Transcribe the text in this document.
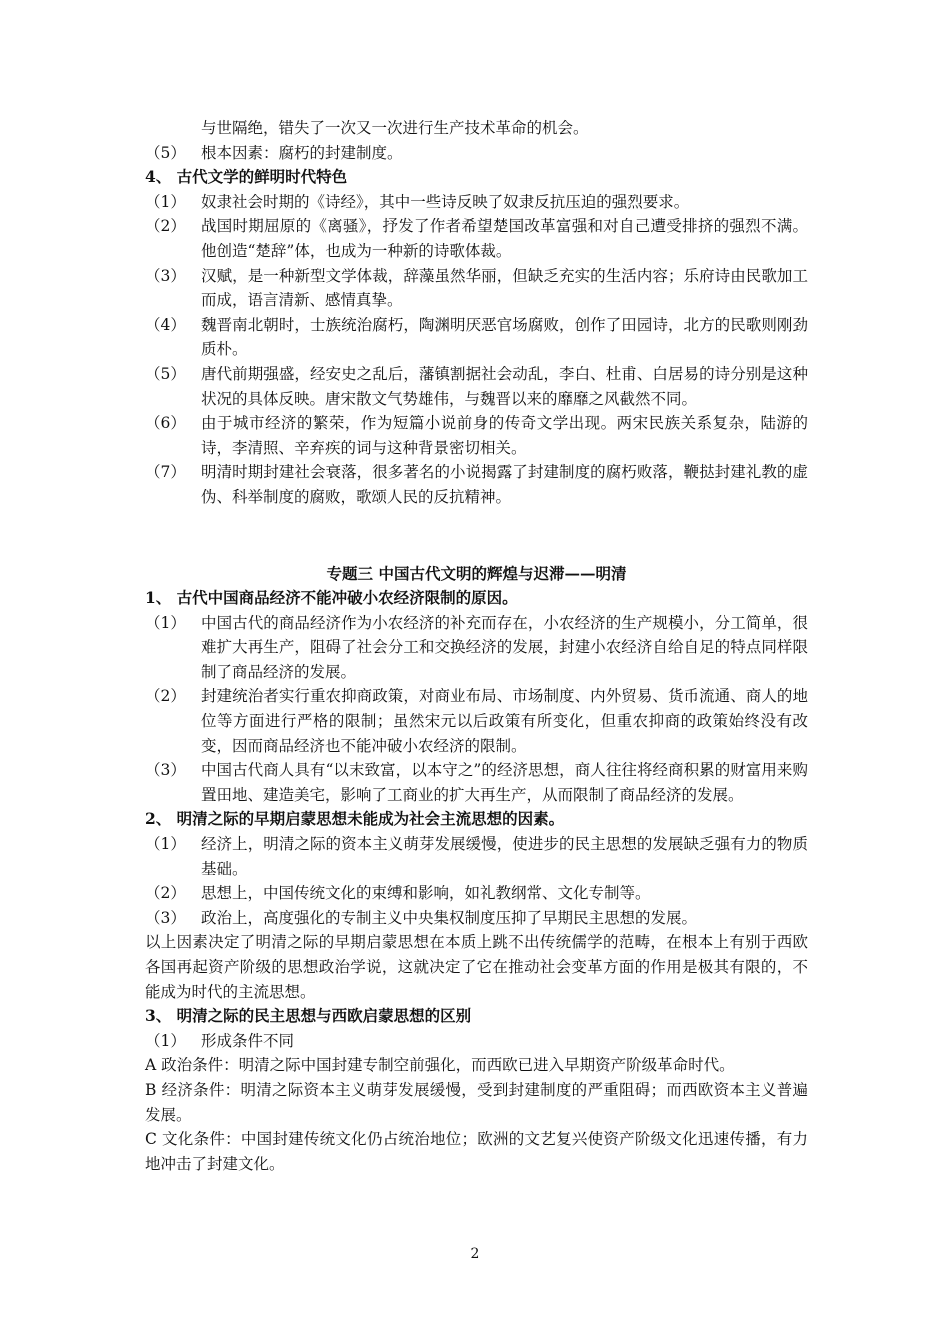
与世隔绝，错失了一次又一次进行生产技术革命的机会。
（5） 根本因素：腐朽的封建制度。
4、 古代文学的鲜明时代特色
（1） 奴隶社会时期的《诗经》，其中一些诗反映了奴隶反抗压迫的强烈要求。
（2） 战国时期屈原的《离骚》，抒发了作者希望楚国改革富强和对自己遭受排挤的强烈不满。他创造“楚辞”体，也成为一种新的诗歌体裁。
（3） 汉赋，是一种新型文学体裁，辞藻虽然华丽，但缺乏充实的生活内容；乐府诗由民歌加工而成，语言清新、感情真挚。
（4） 魏晋南北朝时，士族统治腐朽，陶渊明厌恶官场腐败，创作了田园诗，北方的民歌则刚劲质朴。
（5） 唐代前期强盛，经安史之乱后，藩镇割据社会动乱，李白、杜甫、白居易的诗分别是这种状况的具体反映。唐宋散文气势雄伟，与魏晋以来的靡靡之风截然不同。
（6） 由于城市经济的繁荣，作为短篇小说前身的传奇文学出现。两宋民族关系复杂，陆游的诗，李清照、辛弃疾的词与这种背景密切相关。
（7） 明清时期封建社会衰落，很多著名的小说揭露了封建制度的腐朽败落，鞭挞封建礼教的虚伪、科举制度的腐败，歌颂人民的反抗精神。
专题三 中国古代文明的辉煌与迟滞——明清
1、 古代中国商品经济不能冲破小农经济限制的原因。
（1） 中国古代的商品经济作为小农经济的补充而存在，小农经济的生产规模小，分工简单，很难扩大再生产，阻碍了社会分工和交换经济的发展，封建小农经济自给自足的特点同样限制了商品经济的发展。
（2） 封建统治者实行重农抑商政策，对商业布局、市场制度、内外贸易、货币流通、商人的地位等方面进行严格的限制；虽然宋元以后政策有所变化，但重农抑商的政策始终没有改变，因而商品经济也不能冲破小农经济的限制。
（3） 中国古代商人具有“以末致富，以本守之”的经济思想，商人往往将经商积累的财富用来购置田地、建造美宅，影响了工商业的扩大再生产，从而限制了商品经济的发展。
2、 明清之际的早期启蒙思想未能成为社会主流思想的因素。
（1） 经济上，明清之际的资本主义萌芽发展缓慢，使进步的民主思想的发展缺乏强有力的物质基础。
（2） 思想上，中国传统文化的束缚和影响，如礼教纲常、文化专制等。
（3） 政治上，高度强化的专制主义中央集权制度压抑了早期民主思想的发展。
以上因素决定了明清之际的早期启蒙思想在本质上跳不出传统儒学的范畴，在根本上有别于西欧各国再起资产阶级的思想政治学说，这就决定了它在推动社会变革方面的作用是极其有限的，不能成为时代的主流思想。
3、 明清之际的民主思想与西欧启蒙思想的区别
（1） 形成条件不同
A 政治条件：明清之际中国封建专制空前强化，而西欧已进入早期资产阶级革命时代。
B 经济条件：明清之际资本主义萌芽发展缓慢，受到封建制度的严重阻碍；而西欧资本主义普遍发展。
C 文化条件：中国封建传统文化仍占统治地位；欧洲的文艺复兴使资产阶级文化迅速传播，有力地冲击了封建文化。
2
